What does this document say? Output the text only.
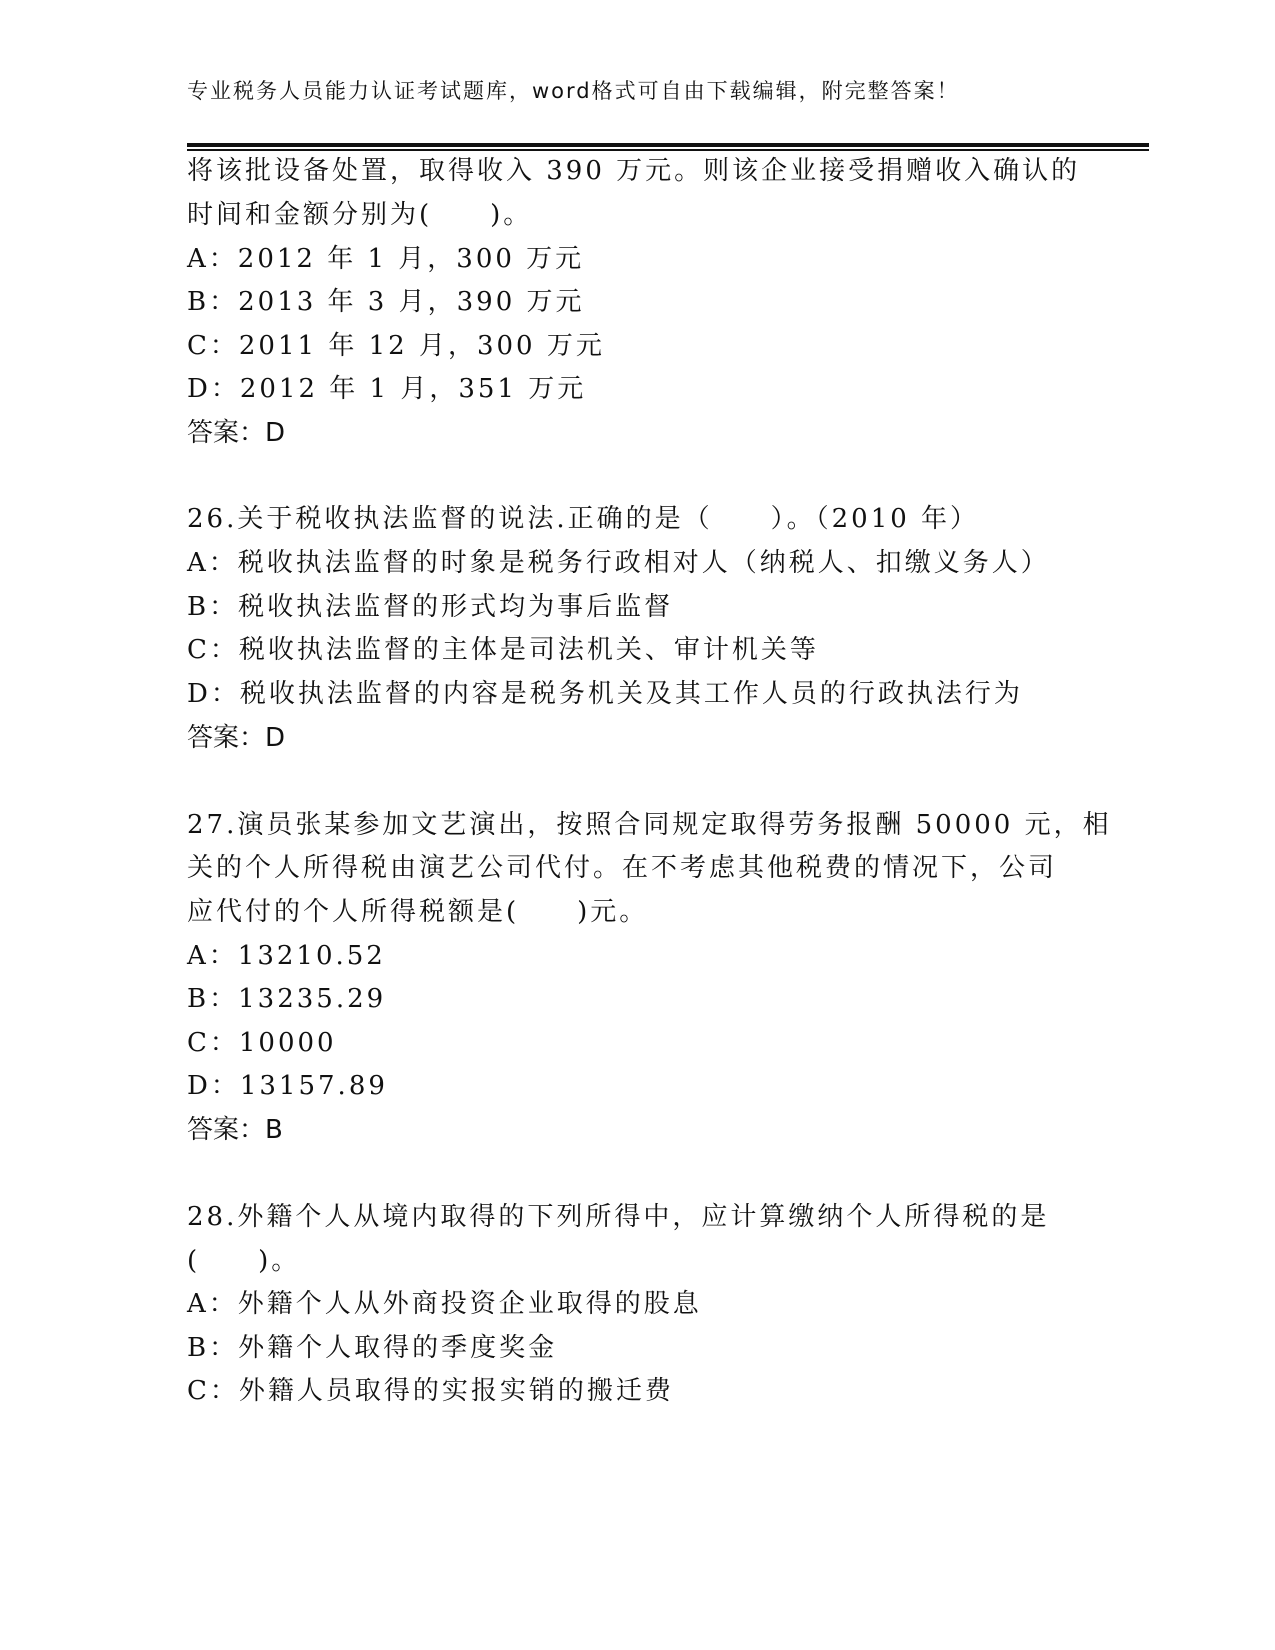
专业税务人员能力认证考试题库，word格式可自由下载编辑，附完整答案！
将该批设备处置，取得收入 390 万元。则该企业接受捐赠收入确认的
时间和金额分别为(　　)。
A：2012 年 1 月，300 万元
B：2013 年 3 月，390 万元
C：2011 年 12 月，300 万元
D：2012 年 1 月，351 万元
答案：D
26.关于税收执法监督的说法.正确的是（　　）。（2010 年）
A：税收执法监督的时象是税务行政相对人（纳税人、扣缴义务人）
B：税收执法监督的形式均为事后监督
C：税收执法监督的主体是司法机关、审计机关等
D：税收执法监督的内容是税务机关及其工作人员的行政执法行为
答案：D
27.演员张某参加文艺演出，按照合同规定取得劳务报酬 50000 元，相
关的个人所得税由演艺公司代付。在不考虑其他税费的情况下，公司
应代付的个人所得税额是(　　)元。
A：13210.52
B：13235.29
C：10000
D：13157.89
答案：B
28.外籍个人从境内取得的下列所得中，应计算缴纳个人所得税的是
(　　)。
A：外籍个人从外商投资企业取得的股息
B：外籍个人取得的季度奖金
C：外籍人员取得的实报实销的搬迁费
